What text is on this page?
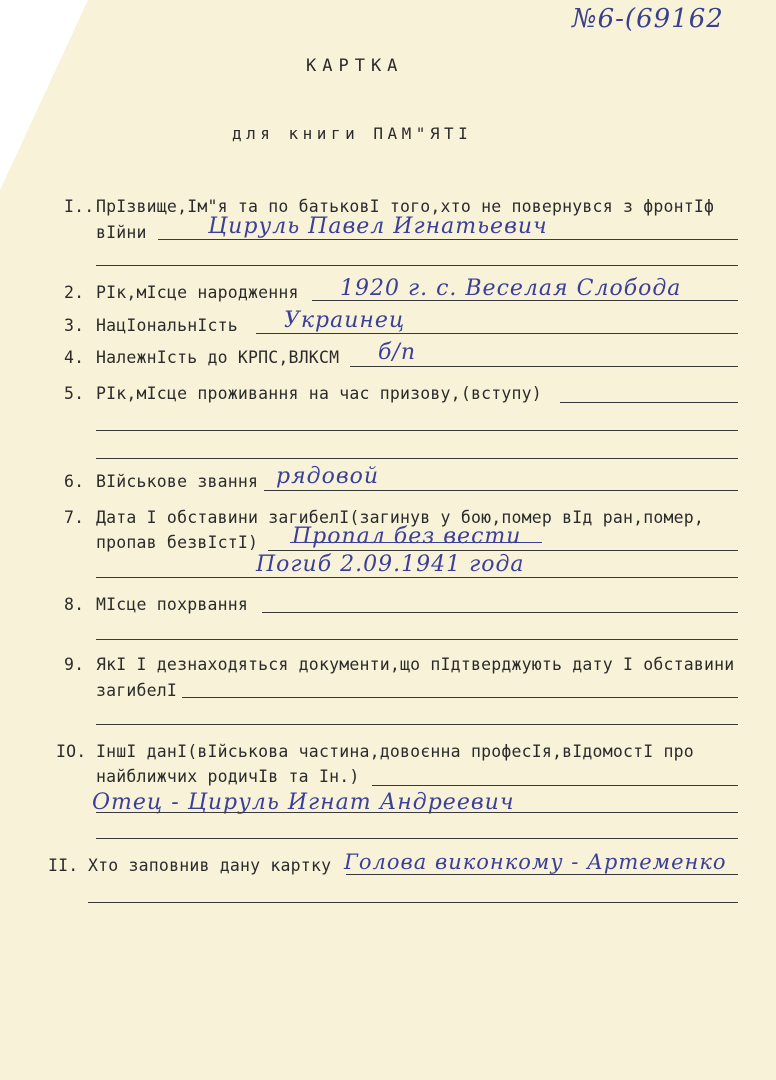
№6-(69162
КАРТКА
для книги ПАМ"ЯТІ
I.. ПрІзвище,Ім"я та по батьковІ того,хто не повернувся з фронтІф
вІйни	Цируль Павел Игнатьевич
2. РІк,мІсце народження 1920 г. с. Веселая Слобода
3. НацІональнІсть Украинец
4. НалежнІсть до КРПС,ВЛКСМ б/п
5. РІк,мІсце проживання на час призову,(вступу)
6. ВІйськове звання рядовой
7. Дата І обставини загибелІ(загинув у бою,помер вІд ран,помер,
пропав безвІстІ) Пропал без вести
Погиб 2.09.1941 года
8. МІсце похрвання
9. ЯкІ І дезнаходяться документи,що пІдтверджують дату І обставини
загибелІ
IO. ІншІ данІ(вІйськова частина,довоєнна професІя,вІдомостІ про
найближчих родичІв та Ін.)
Отец - Цируль Игнат Андреевич
II. Хто заповнив дану картку Голова виконкому - Артеменко
